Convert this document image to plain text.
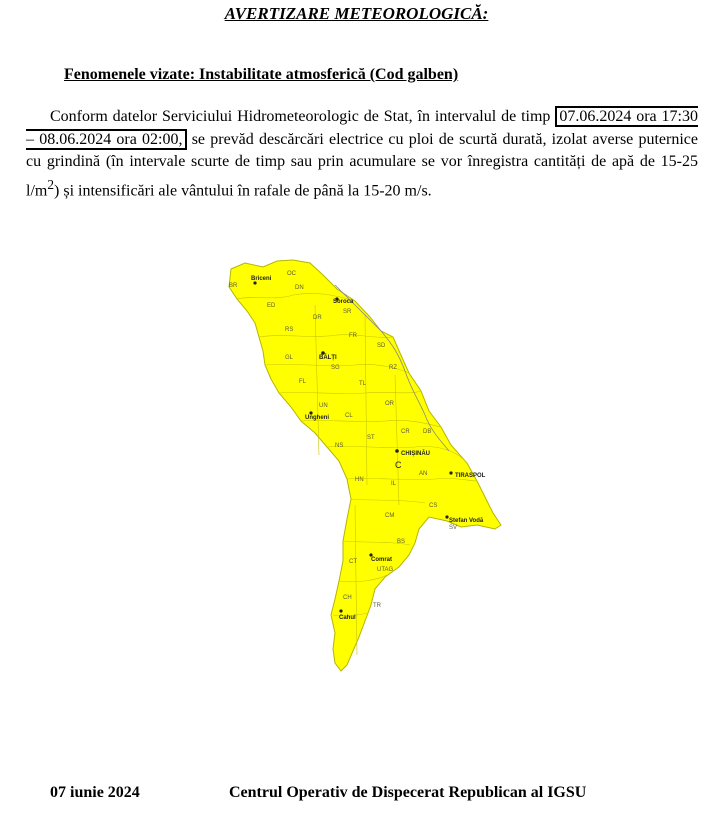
AVERTIZARE METEOROLOGICĂ:
Fenomenele vizate: Instabilitate atmosferică (Cod galben)
Conform datelor Serviciului Hidrometeorologic de Stat, în intervalul de timp 07.06.2024 ora 17:30 – 08.06.2024 ora 02:00, se prevăd descărcări electrice cu ploi de scurtă durată, izolat averse puternice cu grindină (în intervale scurte de timp sau prin acumulare se vor înregistra cantități de apă de 15-25 $l/m^2$) și intensificări ale vântului în rafale de până la 15-20 m/s.
OC
BR	DN
ED
DR
SR
RS
FR
SD
GL
SG	RZ
FL	TL
UN	OR
CL
CR DB
NS
ST
AN
HN
IL
CS
CM
BS
CT
UTAG
CH
TR
SV
Briceni
Soroca
BĂLȚI
Ungheni
CHIȘINĂU
C
TIRASPOL
Ștefan Vodă
Comrat
Cahul
07 iunie 2024	Centrul Operativ de Dispecerat Republican al IGSU
